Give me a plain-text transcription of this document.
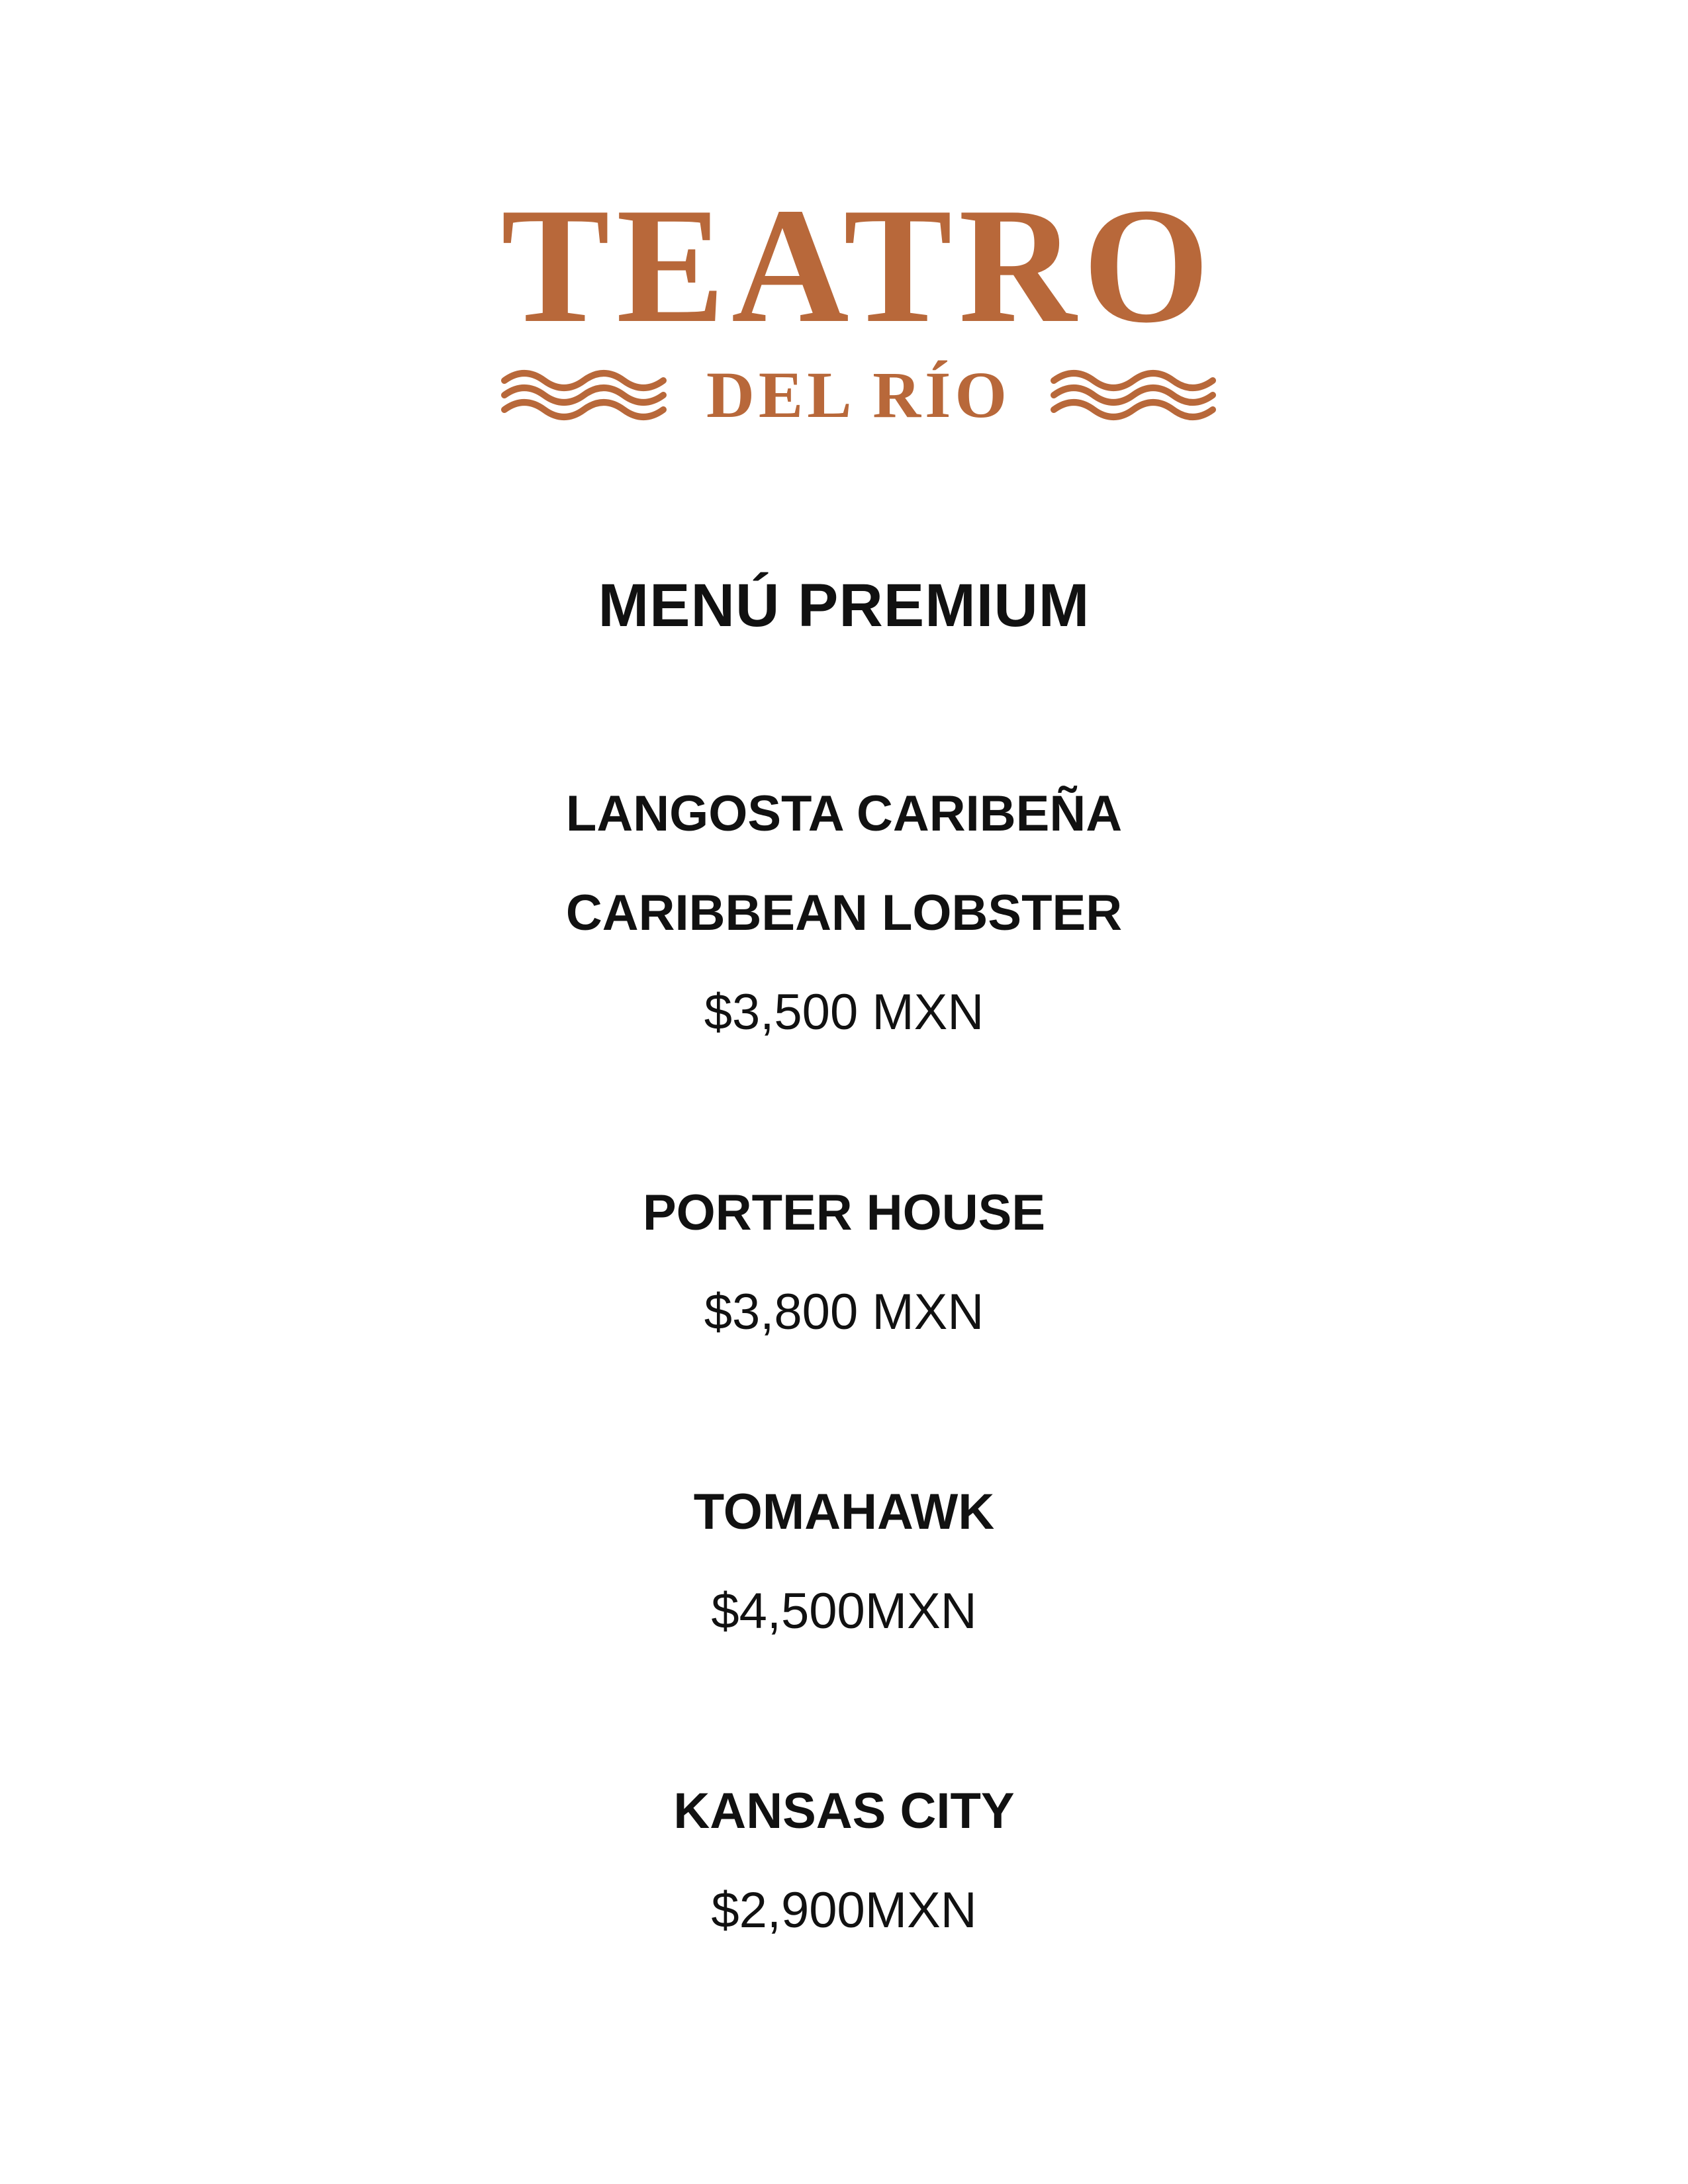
TEATRO
DEL RÍO
MENÚ PREMIUM
LANGOSTA CARIBEÑA
CARIBBEAN LOBSTER
$3,500 MXN
PORTER HOUSE
$3,800 MXN
TOMAHAWK
$4,500MXN
KANSAS CITY
$2,900MXN
